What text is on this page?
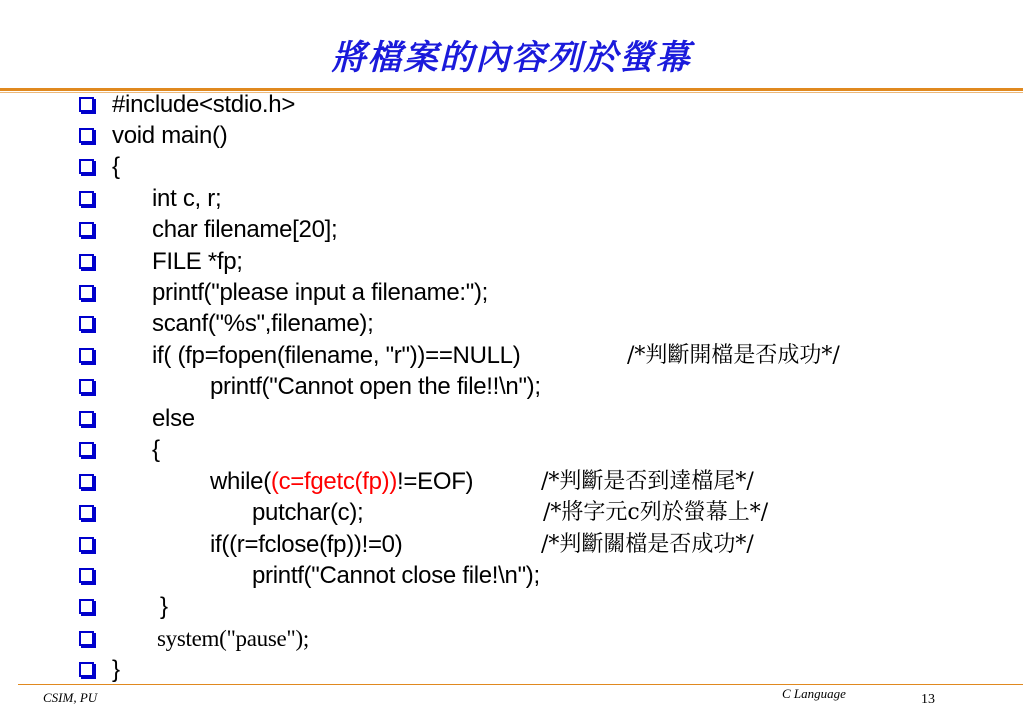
將檔案的內容列於螢幕
#include<stdio.h>
void main()
{
int c, r;
char filename[20];
FILE *fp;
printf("please input a filename:");
scanf("%s",filename);
if( (fp=fopen(filename, "r"))==NULL)	/*判斷開檔是否成功*/
printf("Cannot open the file!!\n");
else
{
while((c=fgetc(fp))!=EOF)	/*判斷是否到達檔尾*/
putchar(c);	/*將字元c列於螢幕上*/
if((r=fclose(fp))!=0)	/*判斷關檔是否成功*/
printf("Cannot close file!\n");
}
system("pause");
}
CSIM, PU	C Language	13
